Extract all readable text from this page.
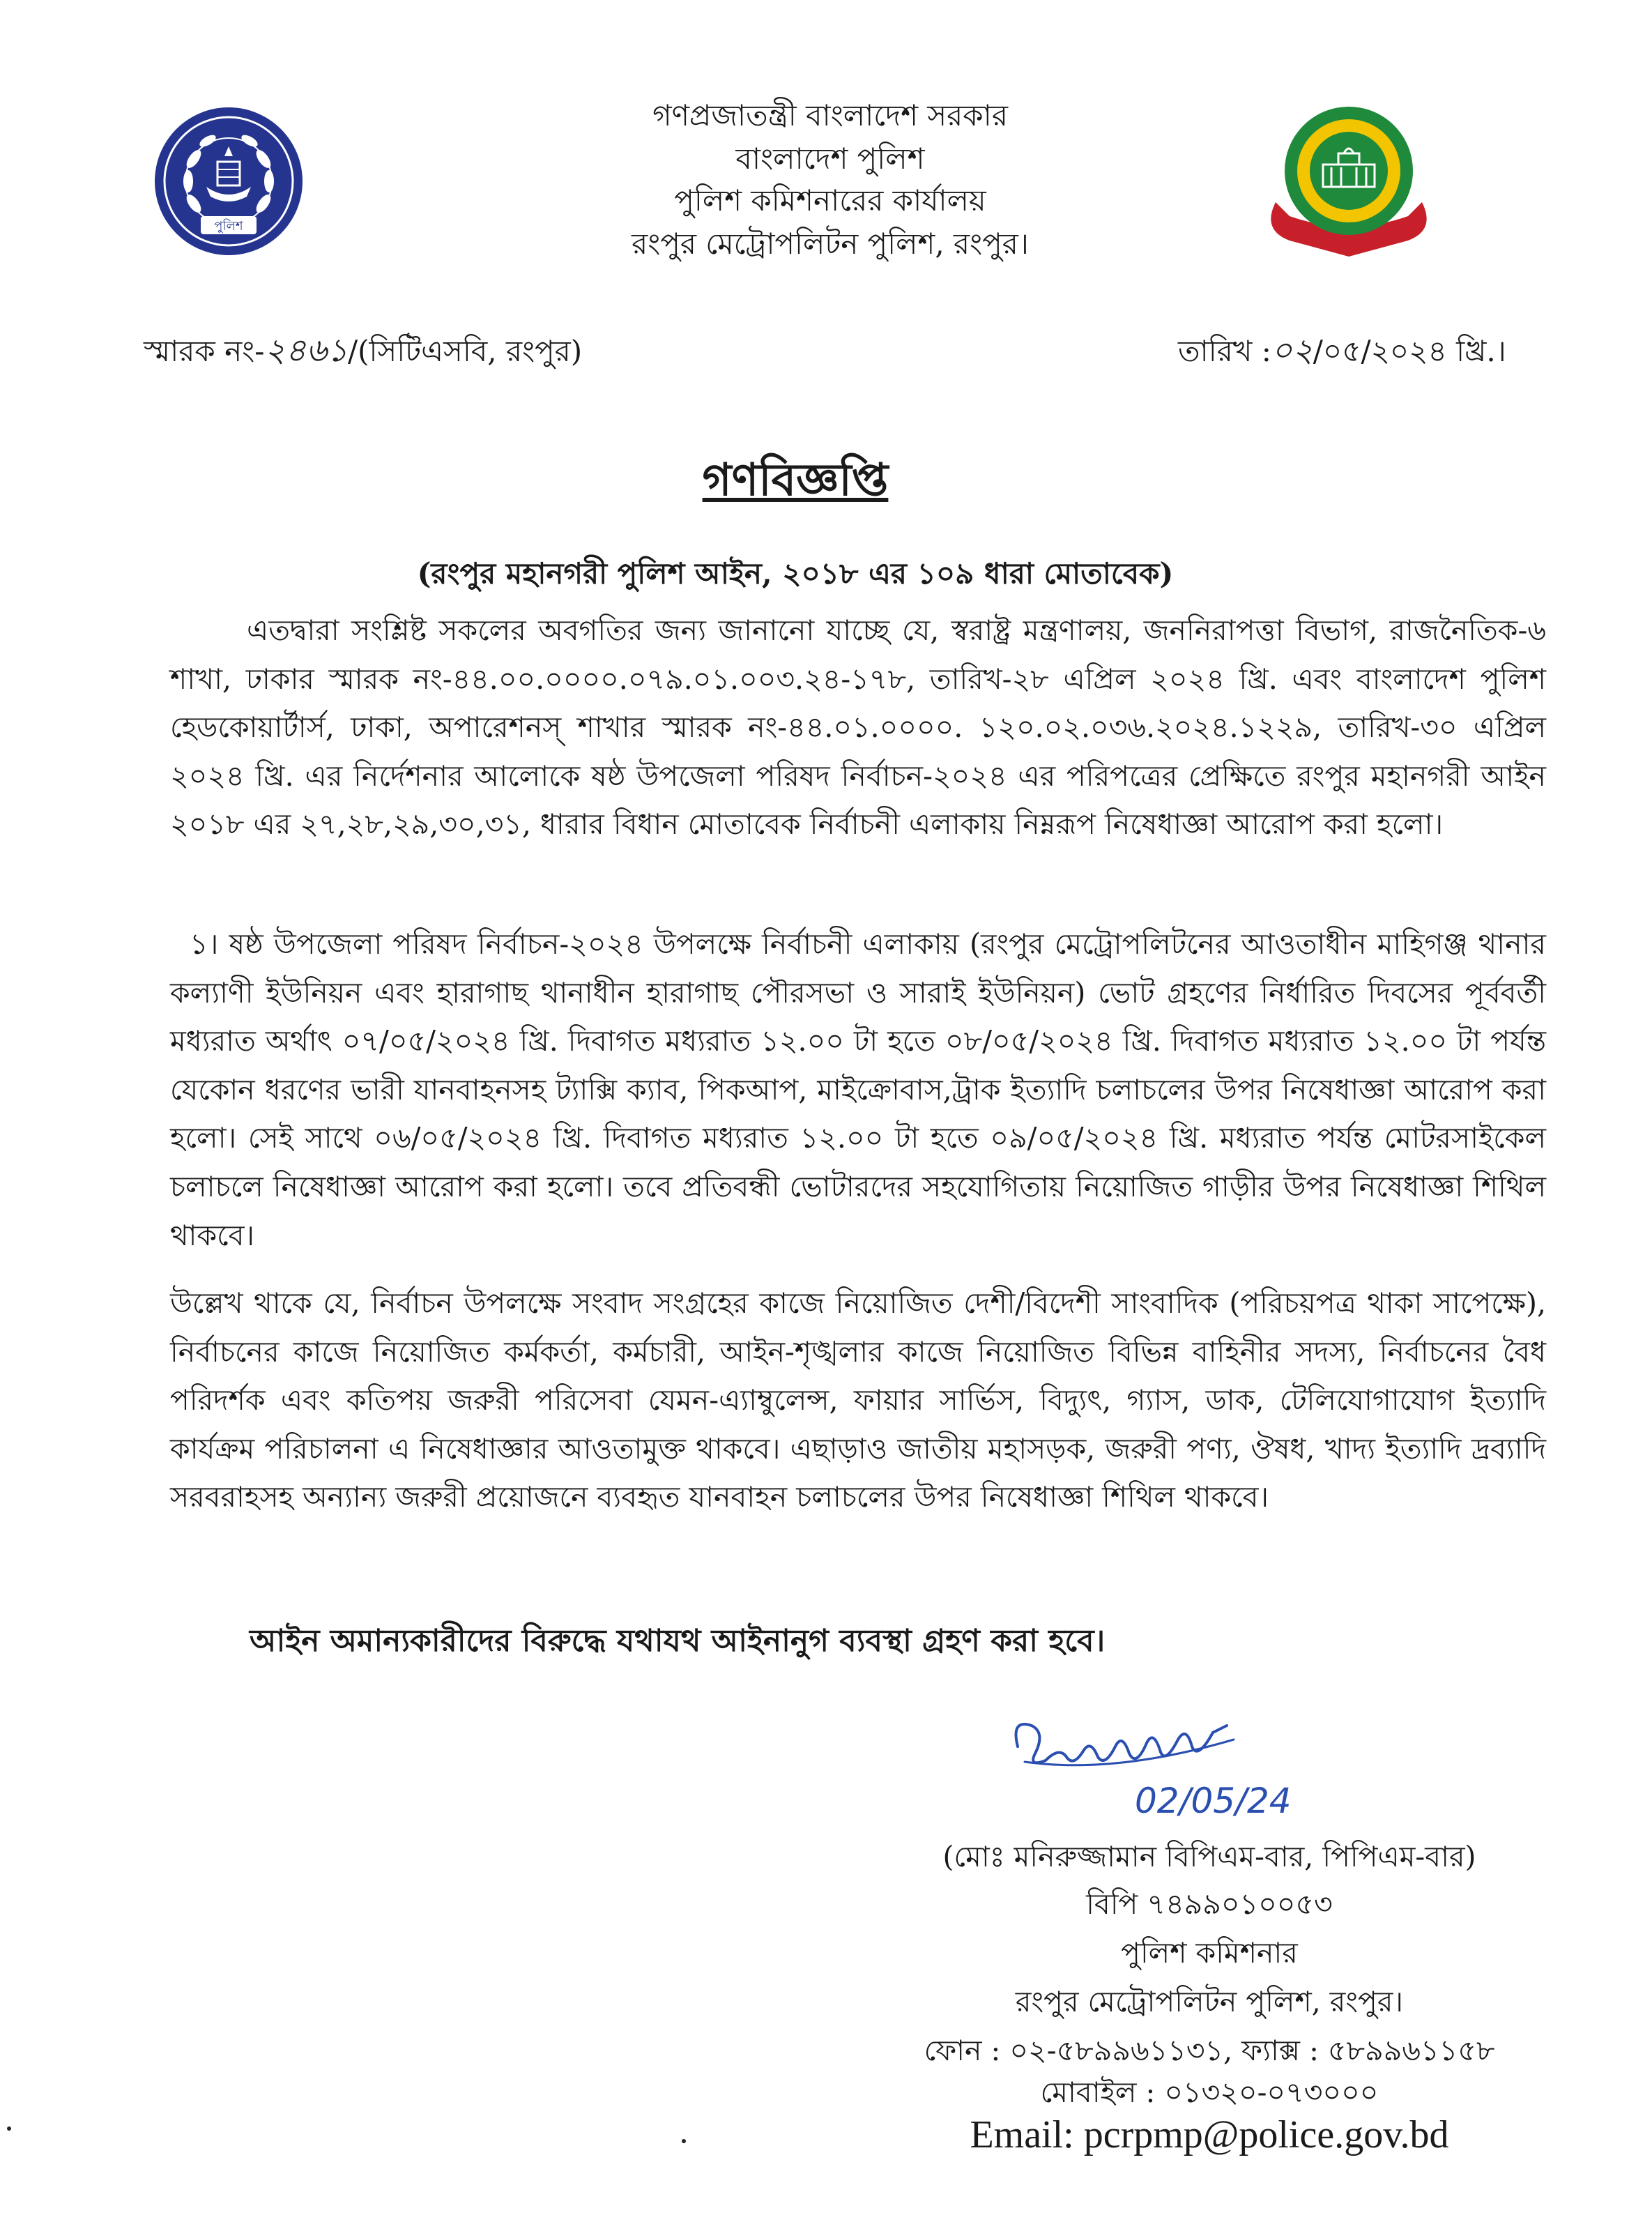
পুলিশ
গণপ্রজাতন্ত্রী বাংলাদেশ সরকার
বাংলাদেশ পুলিশ
পুলিশ কমিশনারের কার্যালয়
রংপুর মেট্রোপলিটন পুলিশ, রংপুর।
স্মারক নং-২৪৬১/(সিটিএসবি, রংপুর)	তারিখ :০২/০৫/২০২৪ খ্রি.।
গণবিজ্ঞপ্তি
(রংপুর মহানগরী পুলিশ আইন, ২০১৮ এর ১০৯ ধারা মোতাবেক)
এতদ্বারা সংশ্লিষ্ট সকলের অবগতির জন্য জানানো যাচ্ছে যে, স্বরাষ্ট্র মন্ত্রণালয়, জননিরাপত্তা বিভাগ, রাজনৈতিক-৬ শাখা, ঢাকার স্মারক নং-৪৪.০০.০০০০.০৭৯.০১.০০৩.২৪-১৭৮, তারিখ-২৮ এপ্রিল ২০২৪ খ্রি. এবং বাংলাদেশ পুলিশ হেডকোয়ার্টার্স, ঢাকা, অপারেশনস্ শাখার স্মারক নং-৪৪.০১.০০০০. ১২০.০২.০৩৬.২০২৪.১২২৯, তারিখ-৩০ এপ্রিল ২০২৪ খ্রি. এর নির্দেশনার আলোকে ষষ্ঠ উপজেলা পরিষদ নির্বাচন-২০২৪ এর পরিপত্রের প্রেক্ষিতে রংপুর মহানগরী আইন ২০১৮ এর ২৭,২৮,২৯,৩০,৩১, ধারার বিধান মোতাবেক নির্বাচনী এলাকায় নিম্নরূপ নিষেধাজ্ঞা আরোপ করা হলো।
১। ষষ্ঠ উপজেলা পরিষদ নির্বাচন-২০২৪ উপলক্ষে নির্বাচনী এলাকায় (রংপুর মেট্রোপলিটনের আওতাধীন মাহিগঞ্জ থানার কল্যাণী ইউনিয়ন এবং হারাগাছ থানাধীন হারাগাছ পৌরসভা ও সারাই ইউনিয়ন) ভোট গ্রহণের নির্ধারিত দিবসের পূর্ববর্তী মধ্যরাত অর্থাৎ ০৭/০৫/২০২৪ খ্রি. দিবাগত মধ্যরাত ১২.০০ টা হতে ০৮/০৫/২০২৪ খ্রি. দিবাগত মধ্যরাত ১২.০০ টা পর্যন্ত যেকোন ধরণের ভারী যানবাহনসহ ট্যাক্সি ক্যাব, পিকআপ, মাইক্রোবাস,ট্রাক ইত্যাদি চলাচলের উপর নিষেধাজ্ঞা আরোপ করা হলো। সেই সাথে ০৬/০৫/২০২৪ খ্রি. দিবাগত মধ্যরাত ১২.০০ টা হতে ০৯/০৫/২০২৪ খ্রি. মধ্যরাত পর্যন্ত মোটরসাইকেল চলাচলে নিষেধাজ্ঞা আরোপ করা হলো। তবে প্রতিবন্ধী ভোটারদের সহযোগিতায় নিয়োজিত গাড়ীর উপর নিষেধাজ্ঞা শিথিল থাকবে।
উল্লেখ থাকে যে, নির্বাচন উপলক্ষে সংবাদ সংগ্রহের কাজে নিয়োজিত দেশী/বিদেশী সাংবাদিক (পরিচয়পত্র থাকা সাপেক্ষে), নির্বাচনের কাজে নিয়োজিত কর্মকর্তা, কর্মচারী, আইন-শৃঙ্খলার কাজে নিয়োজিত বিভিন্ন বাহিনীর সদস্য, নির্বাচনের বৈধ পরিদর্শক এবং কতিপয় জরুরী পরিসেবা যেমন-এ্যাম্বুলেন্স, ফায়ার সার্ভিস, বিদ্যুৎ, গ্যাস, ডাক, টেলিযোগাযোগ ইত্যাদি কার্যক্রম পরিচালনা এ নিষেধাজ্ঞার আওতামুক্ত থাকবে। এছাড়াও জাতীয় মহাসড়ক, জরুরী পণ্য, ঔষধ, খাদ্য ইত্যাদি দ্রব্যাদি সরবরাহসহ অন্যান্য জরুরী প্রয়োজনে ব্যবহৃত যানবাহন চলাচলের উপর নিষেধাজ্ঞা শিথিল থাকবে।
আইন অমান্যকারীদের বিরুদ্ধে যথাযথ আইনানুগ ব্যবস্থা গ্রহণ করা হবে।
02/05/24
(মোঃ মনিরুজ্জামান বিপিএম-বার, পিপিএম-বার)
বিপি ৭৪৯৯০১০০৫৩
পুলিশ কমিশনার
রংপুর মেট্রোপলিটন পুলিশ, রংপুর।
ফোন : ০২-৫৮৯৯৬১১৩১, ফ্যাক্স : ৫৮৯৯৬১১৫৮
মোবাইল : ০১৩২০-০৭৩০০০
Email: pcrpmp@police.gov.bd
